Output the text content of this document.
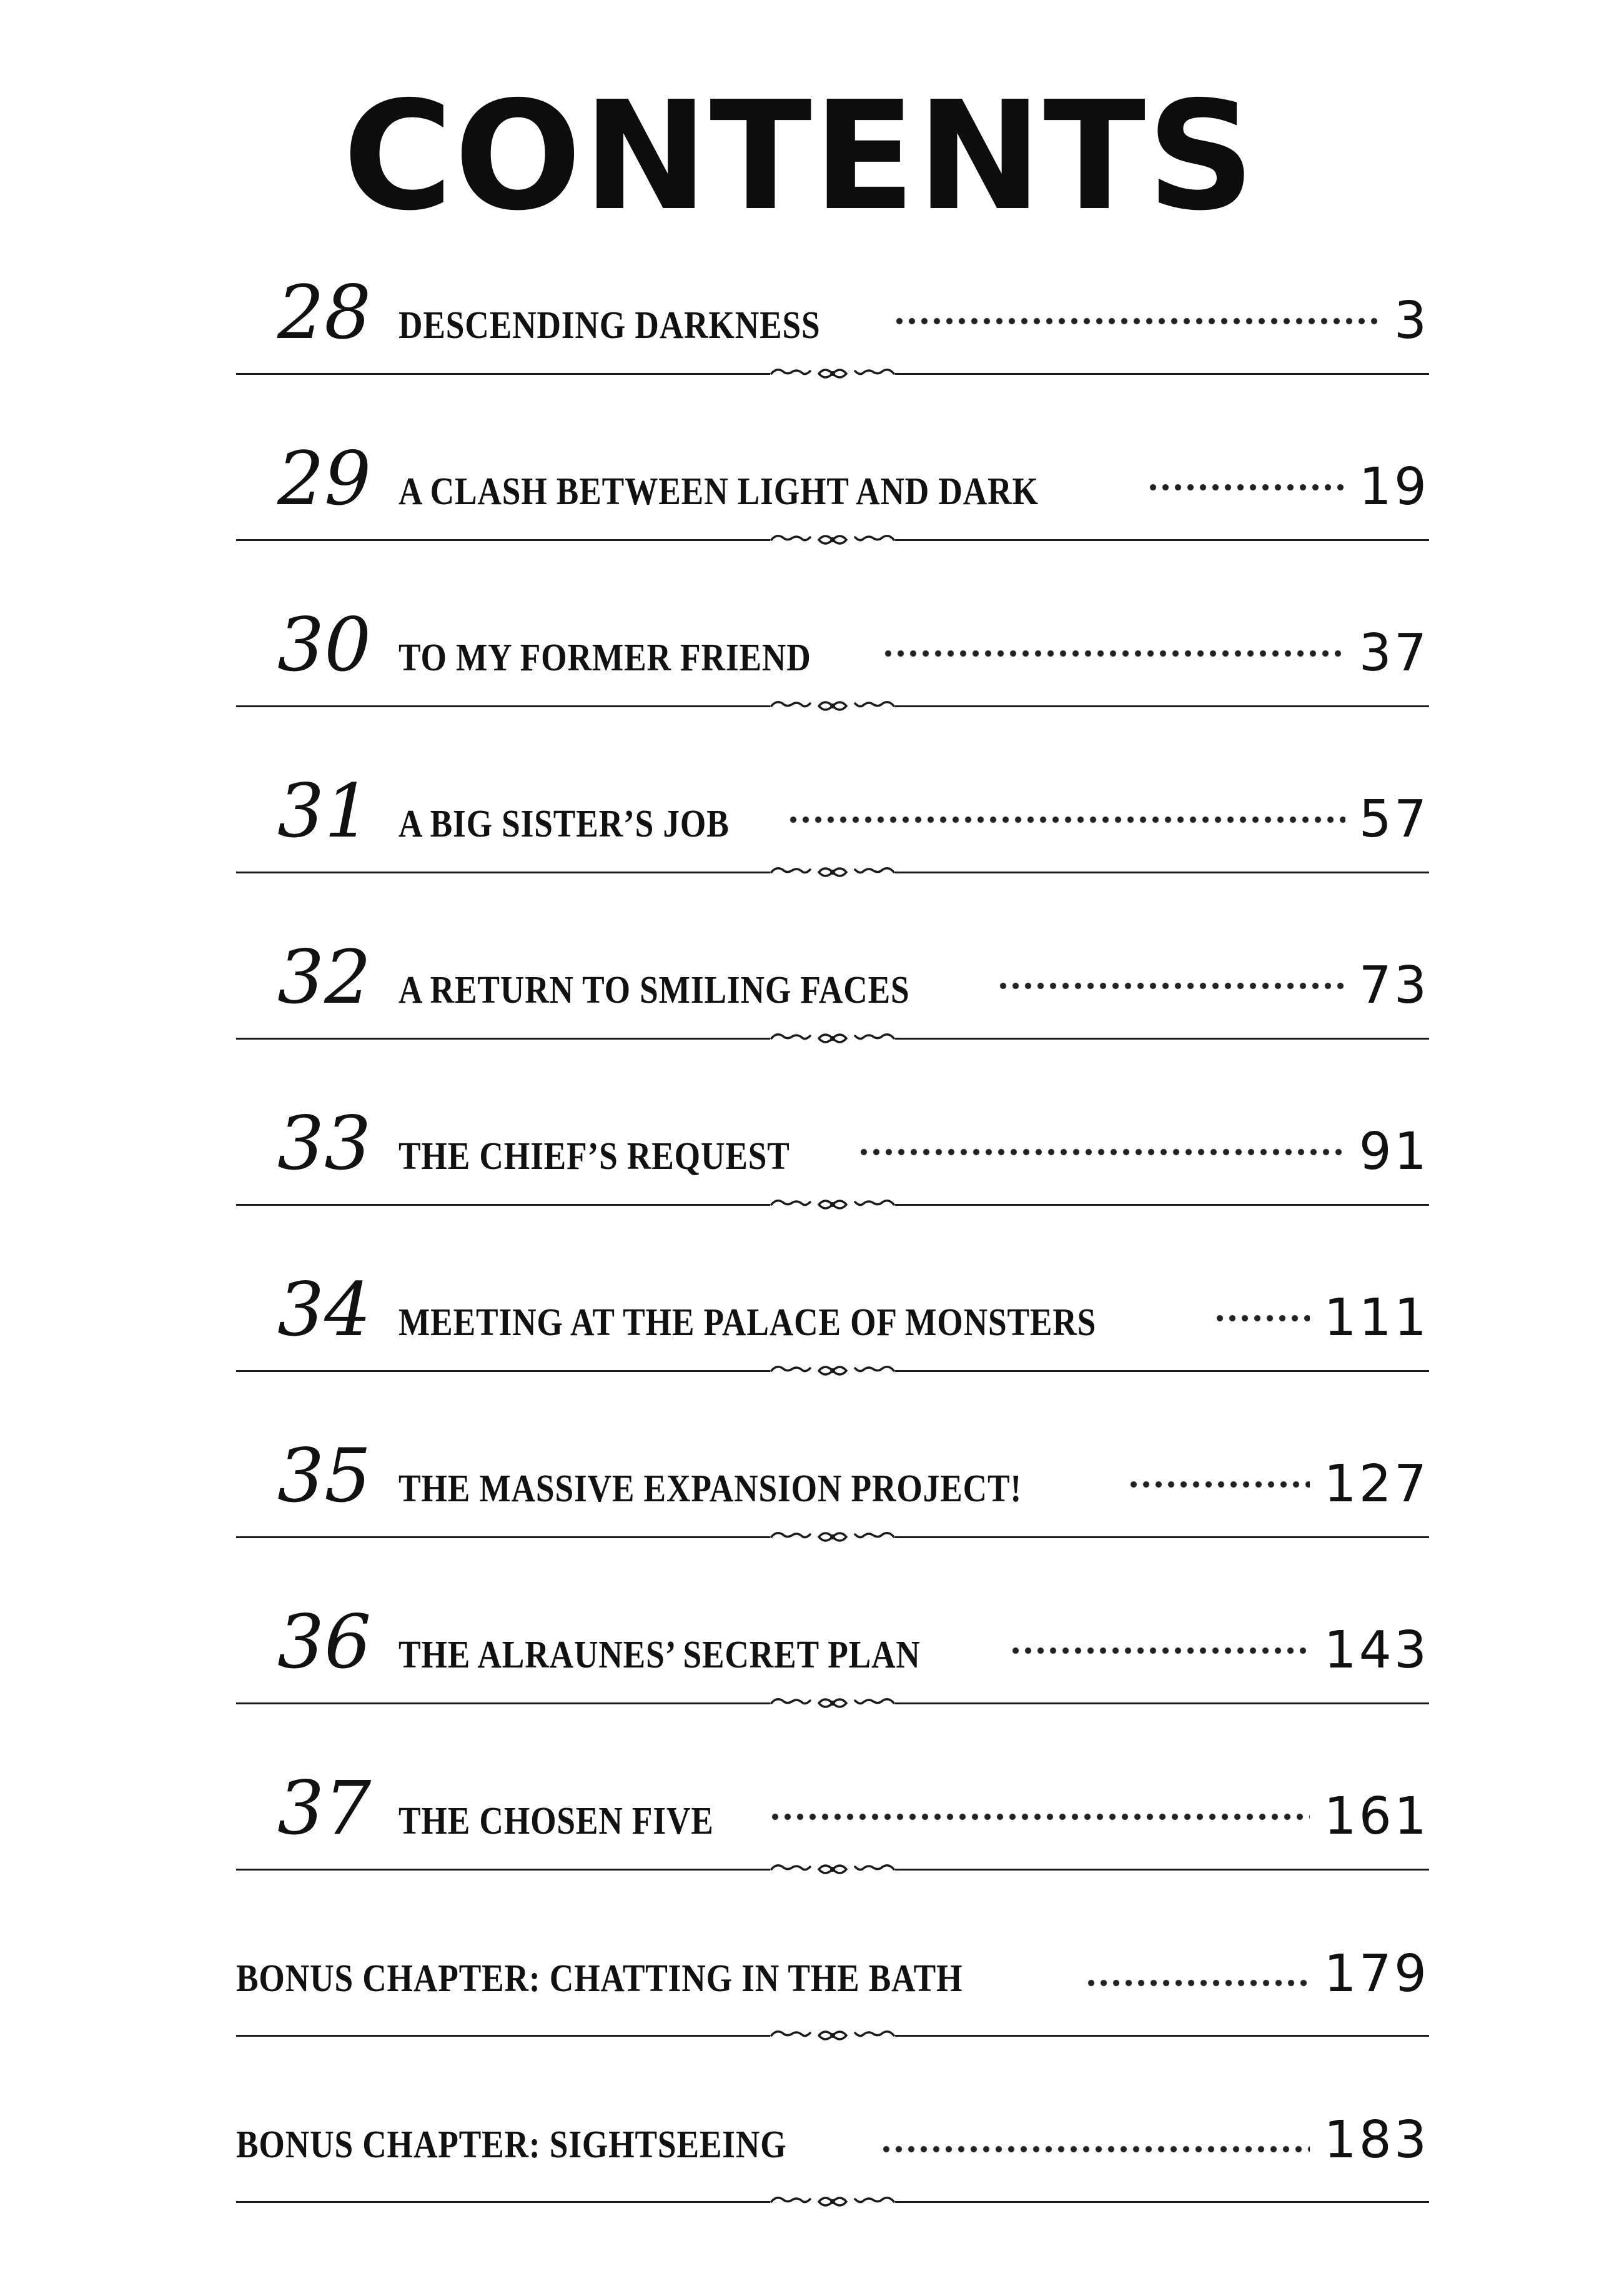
CONTENTS
28 DESCENDING DARKNESS	3
29 A CLASH BETWEEN LIGHT AND DARK	19
30 TO MY FORMER FRIEND	37
31 A BIG SISTER’S JOB	57
32 A RETURN TO SMILING FACES	73
33 THE CHIEF’S REQUEST	91
34 MEETING AT THE PALACE OF MONSTERS	111
35 THE MASSIVE EXPANSION PROJECT!	127
36 THE ALRAUNES’ SECRET PLAN	143
37 THE CHOSEN FIVE	161
BONUS CHAPTER: CHATTING IN THE BATH	179
BONUS CHAPTER: SIGHTSEEING	183
